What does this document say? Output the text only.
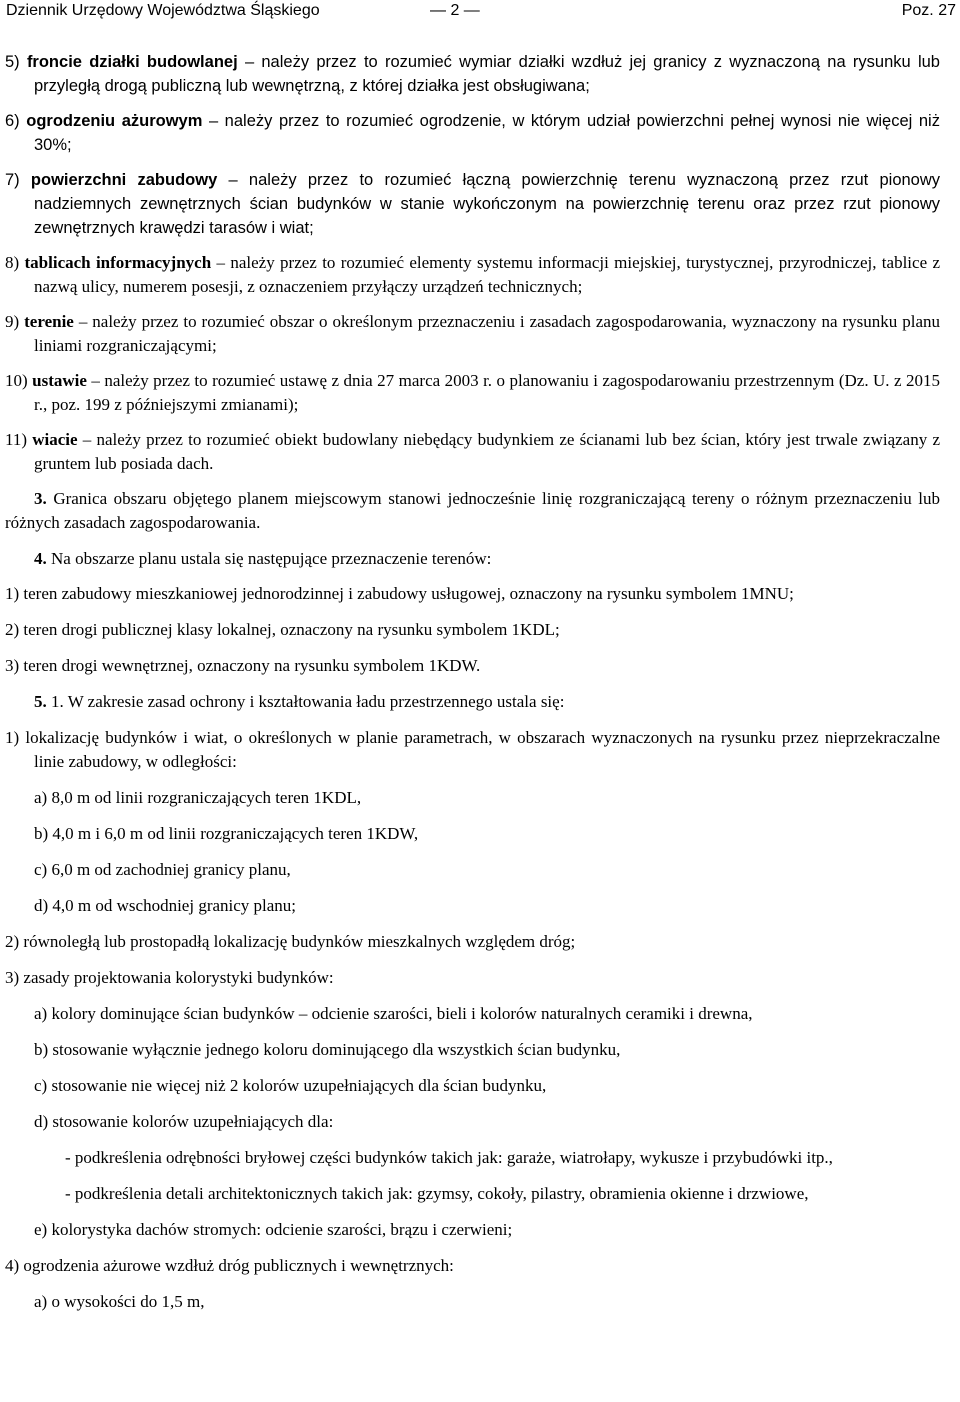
Dziennik Urzędowy Województwa Śląskiego	— 2 —	Poz. 27

5) froncie działki budowlanej – należy przez to rozumieć wymiar działki wzdłuż jej granicy z wyznaczoną na rysunku lub przyległą drogą publiczną lub wewnętrzną, z której działka jest obsługiwana;

6) ogrodzeniu ażurowym – należy przez to rozumieć ogrodzenie, w którym udział powierzchni pełnej wynosi nie więcej niż 30%;

7) powierzchni zabudowy – należy przez to rozumieć łączną powierzchnię terenu wyznaczoną przez rzut pionowy nadziemnych zewnętrznych ścian budynków w stanie wykończonym na powierzchnię terenu oraz przez rzut pionowy zewnętrznych krawędzi tarasów i wiat;

8) tablicach informacyjnych – należy przez to rozumieć elementy systemu informacji miejskiej, turystycznej, przyrodniczej, tablice z nazwą ulicy, numerem posesji, z oznaczeniem przyłączy urządzeń technicznych;

9) terenie – należy przez to rozumieć obszar o określonym przeznaczeniu i zasadach zagospodarowania, wyznaczony na rysunku planu liniami rozgraniczającymi;

10) ustawie – należy przez to rozumieć ustawę z dnia 27 marca 2003 r. o planowaniu i zagospodarowaniu przestrzennym (Dz. U. z 2015 r., poz. 199 z późniejszymi zmianami);

11) wiacie – należy przez to rozumieć obiekt budowlany niebędący budynkiem ze ścianami lub bez ścian, który jest trwale związany z gruntem lub posiada dach.

3. Granica obszaru objętego planem miejscowym stanowi jednocześnie linię rozgraniczającą tereny o różnym przeznaczeniu lub różnych zasadach zagospodarowania.

4. Na obszarze planu ustala się następujące przeznaczenie terenów:

1) teren zabudowy mieszkaniowej jednorodzinnej i zabudowy usługowej, oznaczony na rysunku symbolem 1MNU;

2) teren drogi publicznej klasy lokalnej, oznaczony na rysunku symbolem 1KDL;

3) teren drogi wewnętrznej, oznaczony na rysunku symbolem 1KDW.

5. 1. W zakresie zasad ochrony i kształtowania ładu przestrzennego ustala się:

1) lokalizację budynków i wiat, o określonych w planie parametrach, w obszarach wyznaczonych na rysunku przez nieprzekraczalne linie zabudowy, w odległości:

a) 8,0 m od linii rozgraniczających teren 1KDL,

b) 4,0 m i 6,0 m od linii rozgraniczających teren 1KDW,

c) 6,0 m od zachodniej granicy planu,

d) 4,0 m od wschodniej granicy planu;

2) równoległą lub prostopadłą lokalizację budynków mieszkalnych względem dróg;

3) zasady projektowania kolorystyki budynków:

a) kolory dominujące ścian budynków – odcienie szarości, bieli i kolorów naturalnych ceramiki i drewna,

b) stosowanie wyłącznie jednego koloru dominującego dla wszystkich ścian budynku,

c) stosowanie nie więcej niż 2 kolorów uzupełniających dla ścian budynku,

d) stosowanie kolorów uzupełniających dla:

- podkreślenia odrębności bryłowej części budynków takich jak: garaże, wiatrołapy, wykusze i przybudówki itp.,

- podkreślenia detali architektonicznych takich jak: gzymsy, cokoły, pilastry, obramienia okienne i drzwiowe,

e) kolorystyka dachów stromych: odcienie szarości, brązu i czerwieni;

4) ogrodzenia ażurowe wzdłuż dróg publicznych i wewnętrznych:

a) o wysokości do 1,5 m,
